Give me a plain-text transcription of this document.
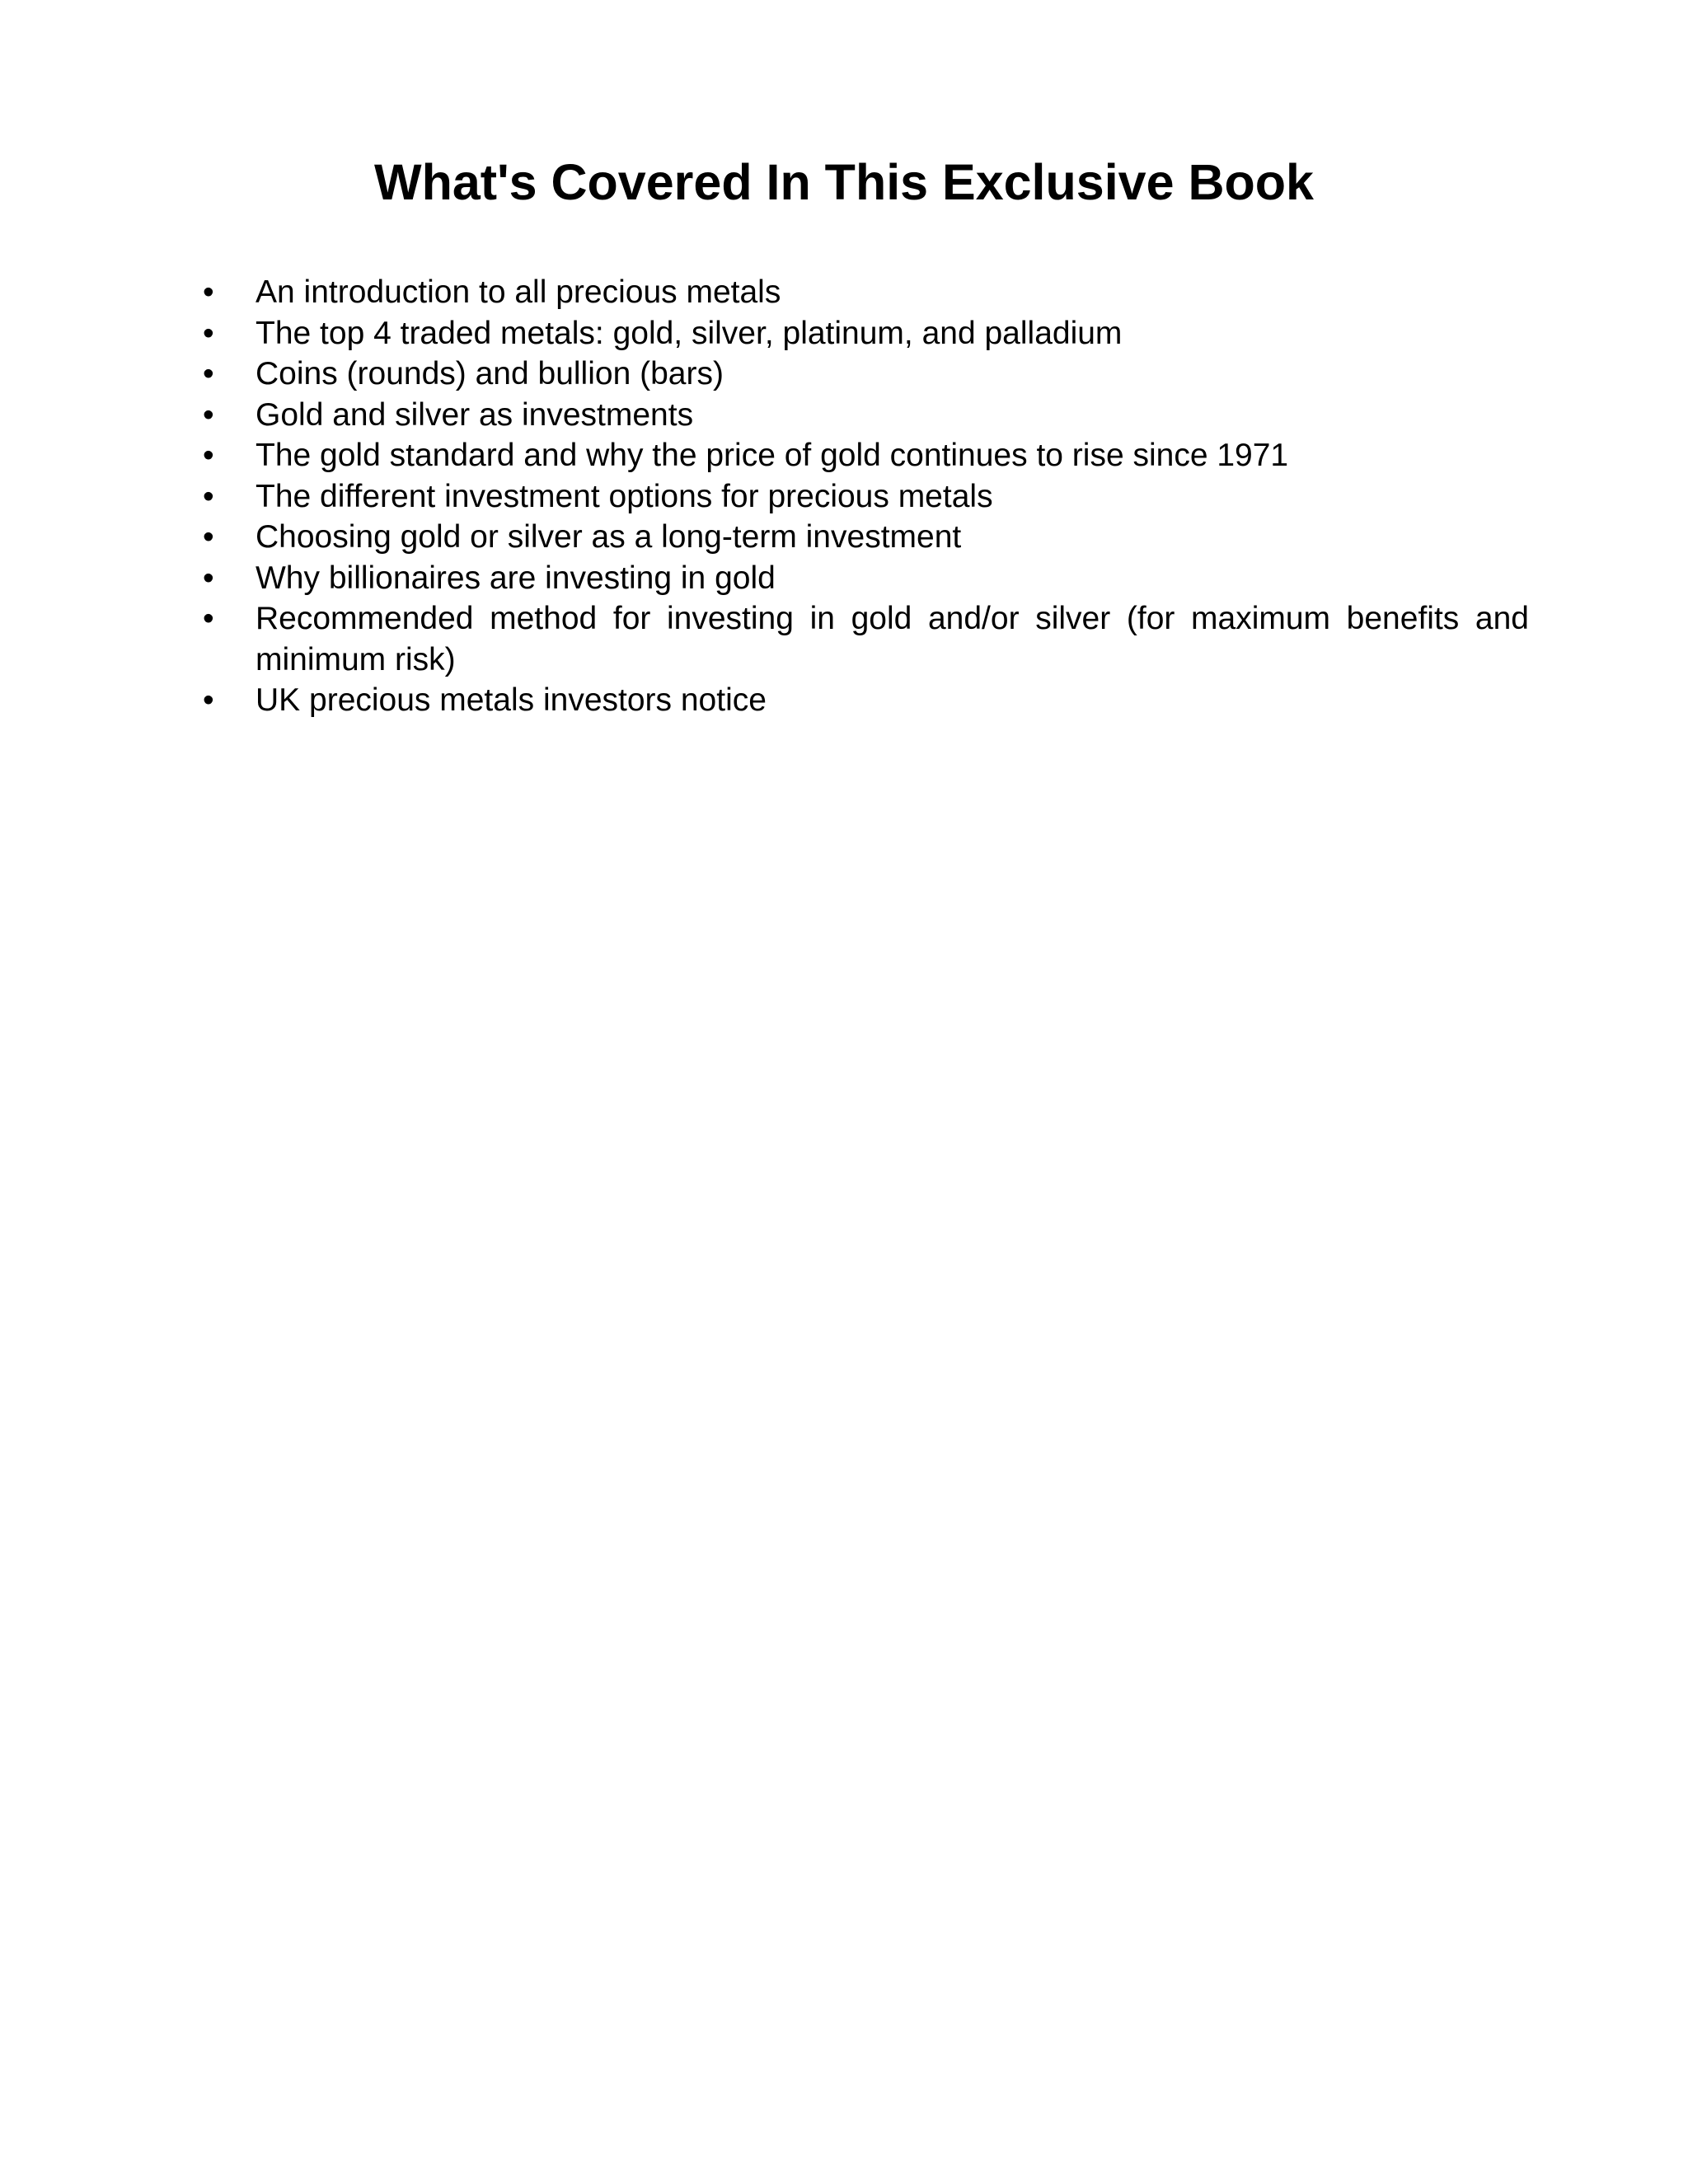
What's Covered In This Exclusive Book
• An introduction to all precious metals
• The top 4 traded metals: gold, silver, platinum, and palladium
• Coins (rounds) and bullion (bars)
• Gold and silver as investments
• The gold standard and why the price of gold continues to rise since 1971
• The different investment options for precious metals
• Choosing gold or silver as a long-term investment
• Why billionaires are investing in gold
• Recommended method for investing in gold and/or silver (for maximum benefits and minimum risk)
• UK precious metals investors notice
